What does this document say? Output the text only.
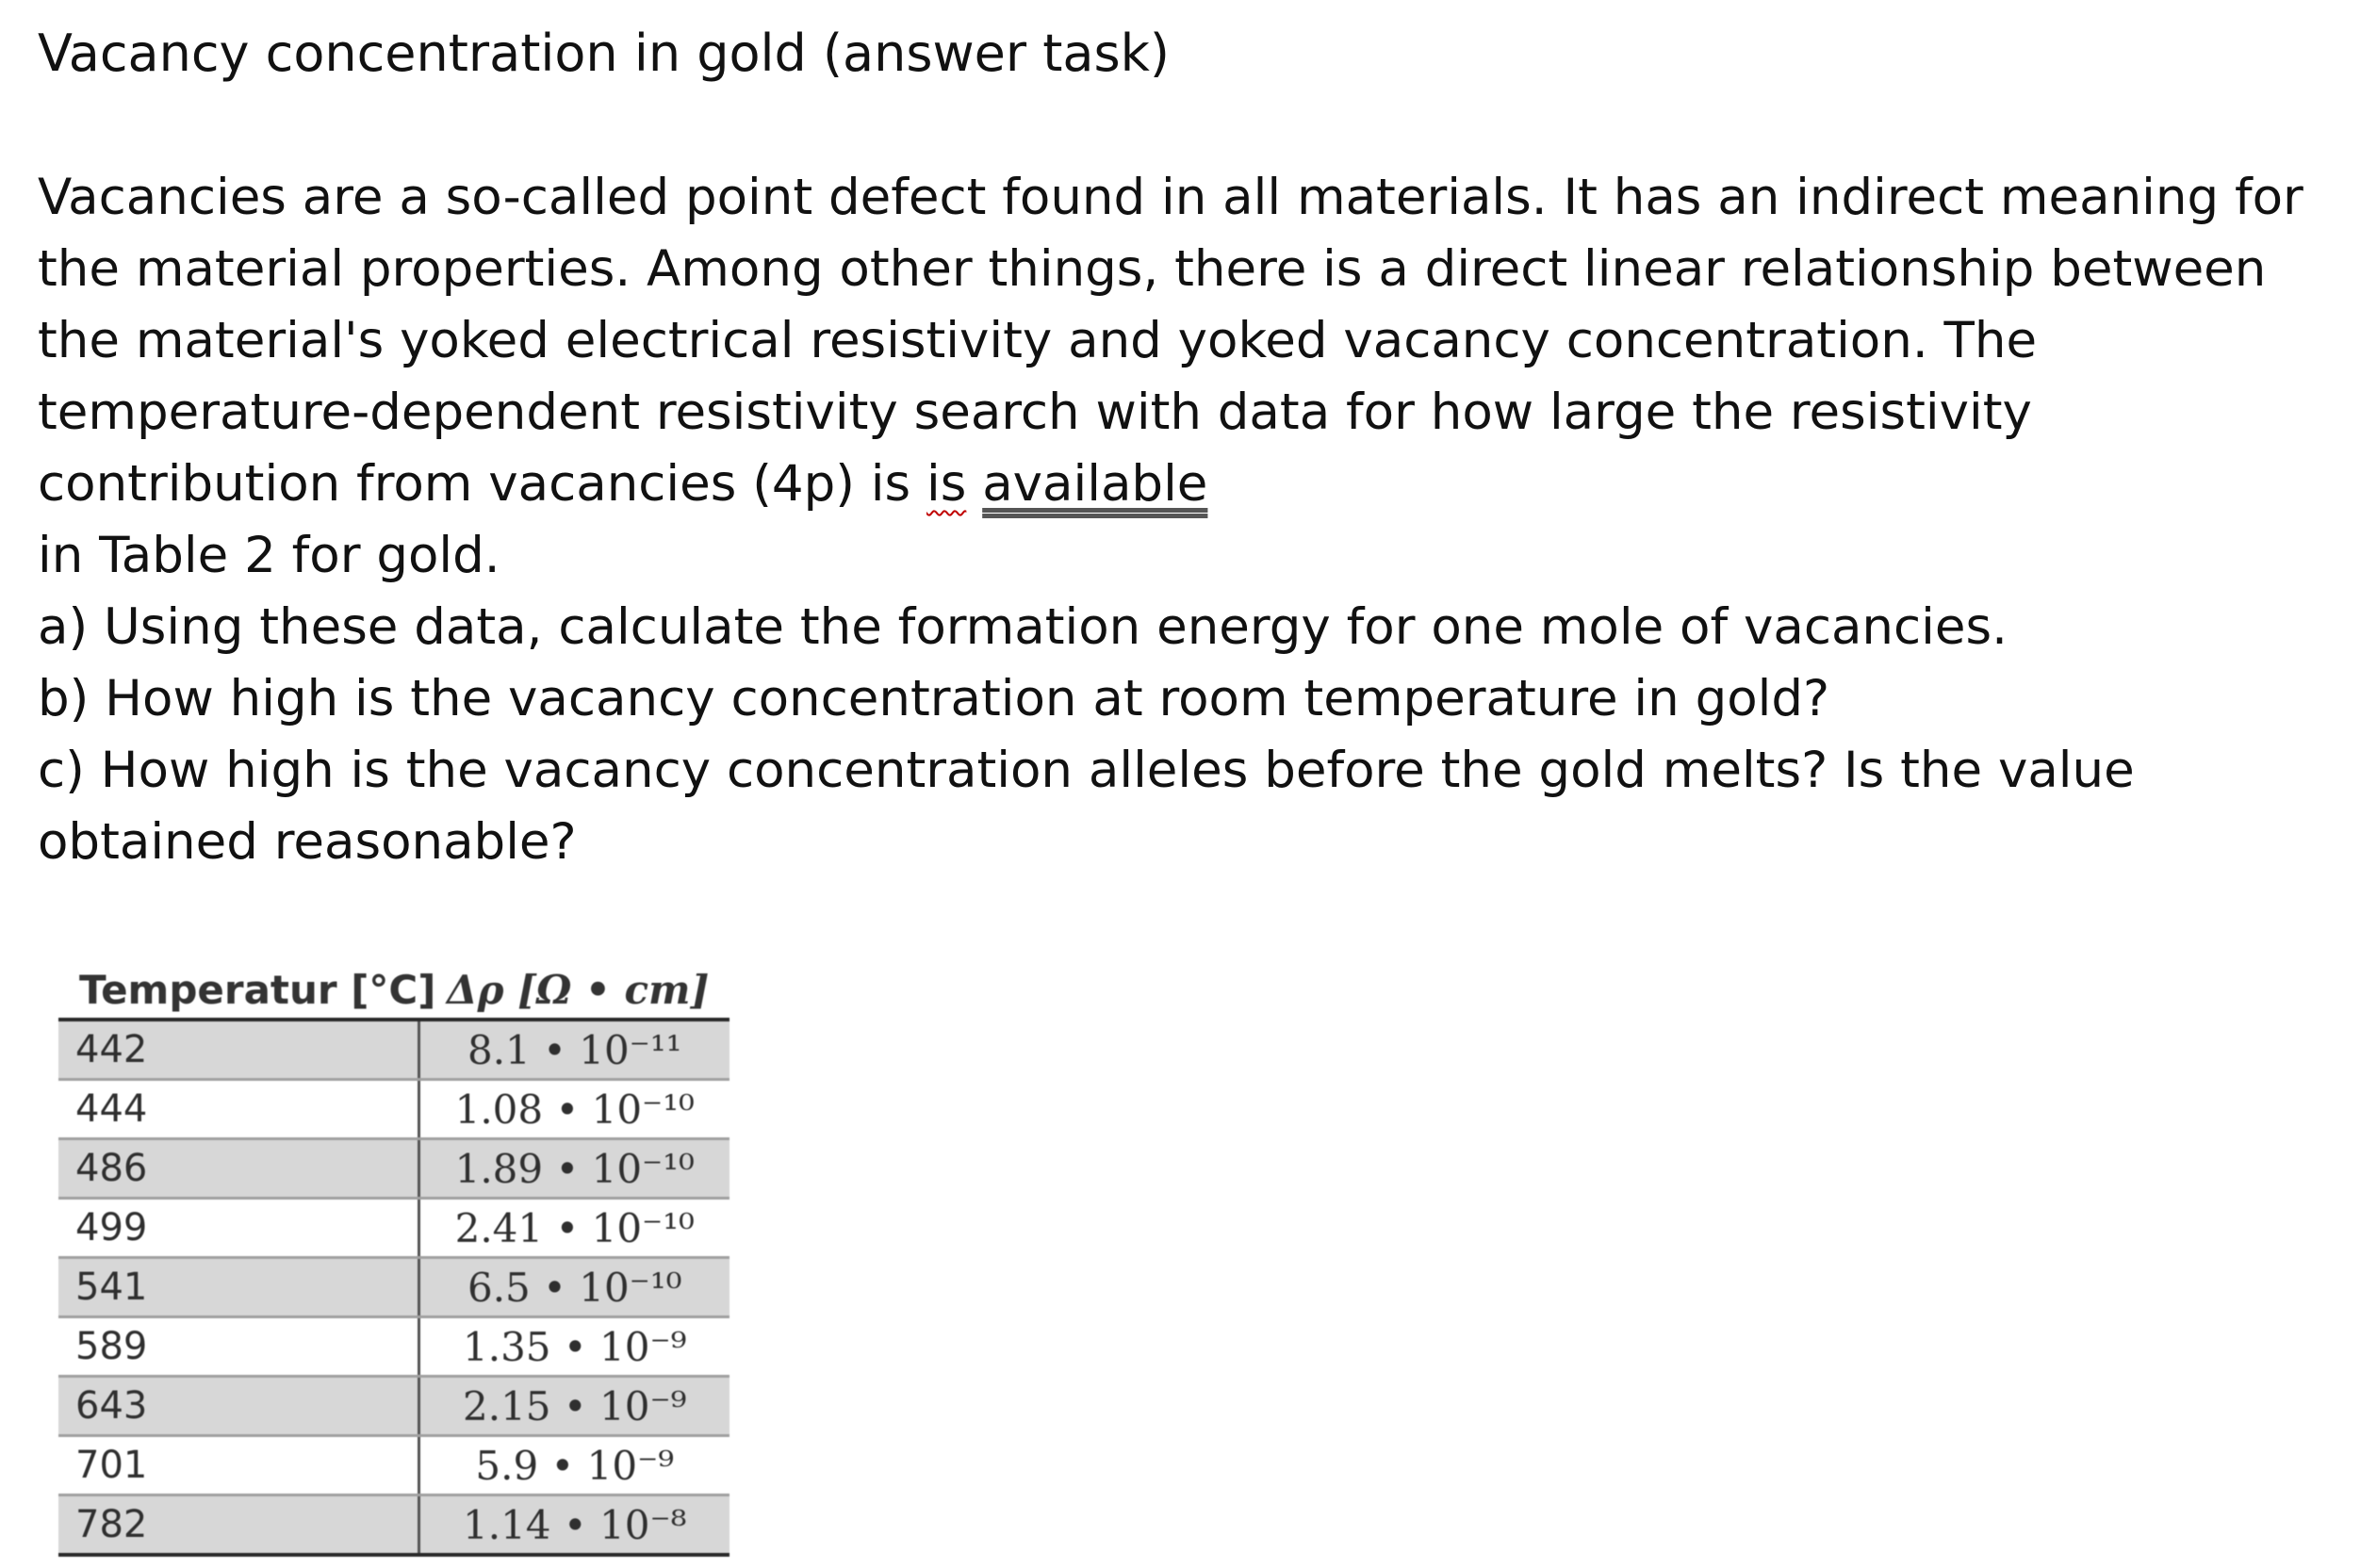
Vacancy concentration in gold (answer task)

Vacancies are a so-called point defect found in all materials. It has an indirect meaning for
the material properties. Among other things, there is a direct linear relationship between
the material's yoked electrical resistivity and yoked vacancy concentration. The
temperature-dependent resistivity search with data for how large the resistivity
contribution from vacancies (4p) is is available
in Table 2 for gold.
a) Using these data, calculate the formation energy for one mole of vacancies.
b) How high is the vacancy concentration at room temperature in gold?
c) How high is the vacancy concentration alleles before the gold melts? Is the value
obtained reasonable?

Temperatur [°C]	Δρ [Ω • cm]
442	8.1 • 10⁻¹¹
444	1.08 • 10⁻¹⁰
486	1.89 • 10⁻¹⁰
499	2.41 • 10⁻¹⁰
541	6.5 • 10⁻¹⁰
589	1.35 • 10⁻⁹
643	2.15 • 10⁻⁹
701	5.9 • 10⁻⁹
782	1.14 • 10⁻⁸
